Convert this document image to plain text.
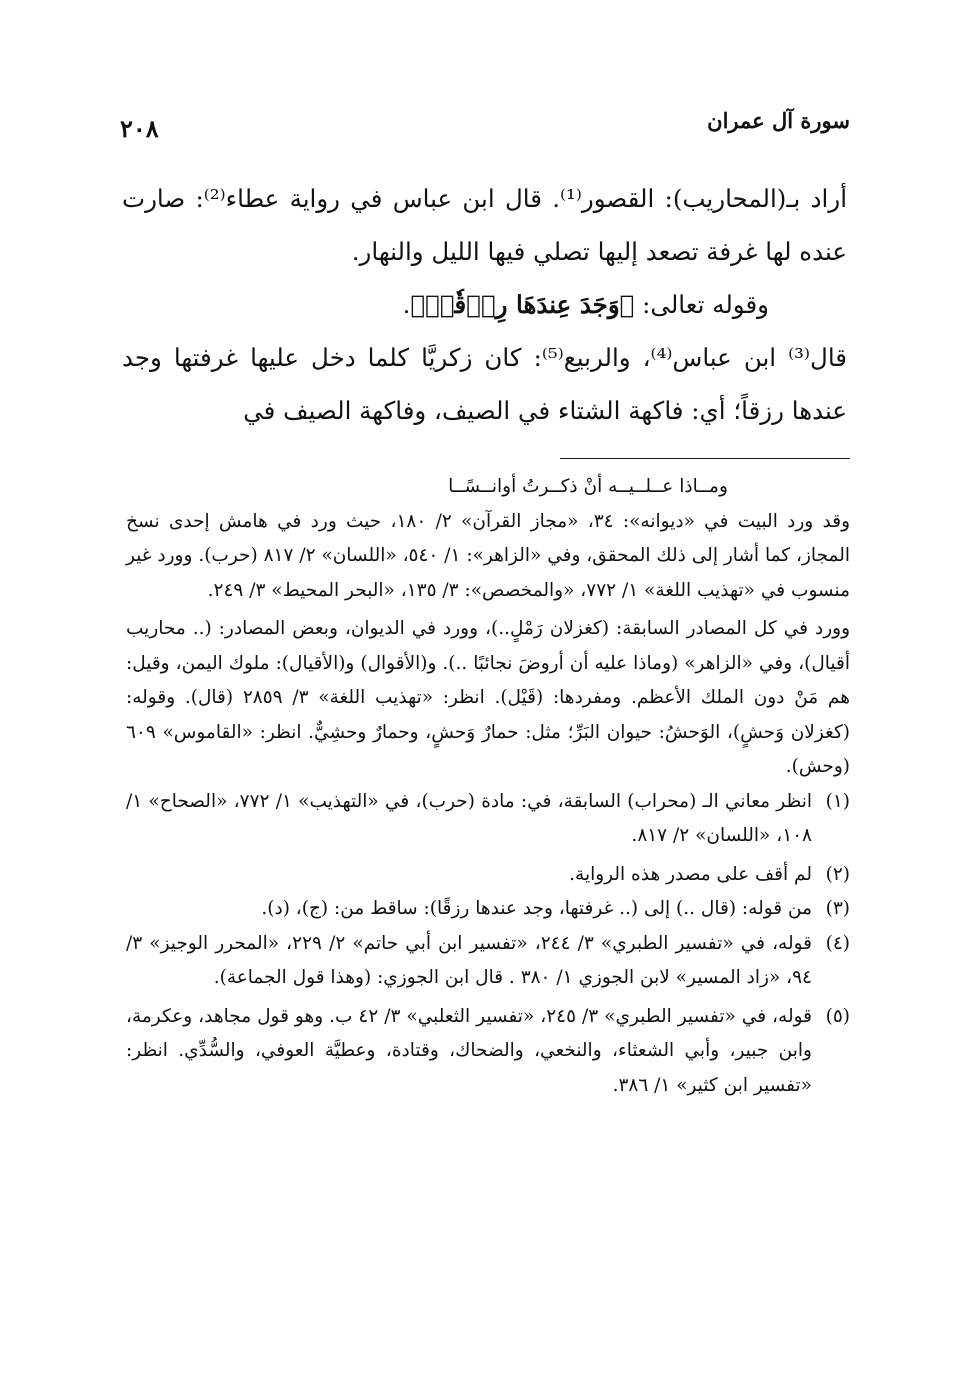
سورة آل عمران
٢٠٨

أراد بـ(المحاريب): القصور⁽¹⁾. قال ابن عباس في رواية عطاء⁽²⁾: صارت عنده لها غرفة تصعد إليها تصلي فيها الليل والنهار.

وقوله تعالى: ﴿وَجَدَ عِندَهَا رِزۡقٗاۖ﴾.

قال⁽³⁾ ابن عباس⁽⁴⁾، والربيع⁽⁵⁾: كان زكريَّا كلما دخل عليها غرفتها وجد عندها رزقاً؛ أي: فاكهة الشتاء في الصيف، وفاكهة الصيف في

ومــاذا عــلــيــه أنْ ذكــرتُ أوانــسًــا

وقد ورد البيت في «ديوانه»: ٣٤، «مجاز القرآن» ٢/ ١٨٠، حيث ورد في هامش إحدى نسخ المجاز، كما أشار إلى ذلك المحقق، وفي «الزاهر»: ١/ ٥٤٠، «اللسان» ٢/ ٨١٧ (حرب). وورد غير منسوب في «تهذيب اللغة» ١/ ٧٧٢، «والمخصص»: ٣/ ١٣٥، «البحر المحيط» ٣/ ٢٤٩.

وورد في كل المصادر السابقة: (كغزلان رَمْلٍ..)، وورد في الديوان، وبعض المصادر: (.. محاريب أقيال)، وفي «الزاهر» (وماذا عليه أن أروضَ نجائبًا ..). و(الأقوال) و(الأقيال): ملوك اليمن، وقيل: هم مَنْ دون الملك الأعظم. ومفردها: (قَيْل). انظر: «تهذيب اللغة» ٣/ ٢٨٥٩ (قال). وقوله: (كغزلان وَحشٍ)، الوَحشُ: حيوان البَرِّ؛ مثل: حمارٌ وَحشٍ، وحمارٌ وحشِيٌّ. انظر: «القاموس» ٦٠٩ (وحش).

(١)
انظر معاني الـ (محراب) السابقة، في: مادة (حرب)، في «التهذيب» ١/ ٧٧٢، «الصحاح» ١/ ١٠٨، «اللسان» ٢/ ٨١٧.
(٢)
لم أقف على مصدر هذه الرواية.
(٣)
من قوله: (قال ..) إلى (.. غرفتها، وجد عندها رزقًا): ساقط من: (ج)، (د).
(٤)
قوله، في «تفسير الطبري» ٣/ ٢٤٤، «تفسير ابن أبي حاتم» ٢/ ٢٢٩، «المحرر الوجيز» ٣/ ٩٤، «زاد المسير» لابن الجوزي ١/ ٣٨٠ . قال ابن الجوزي: (وهذا قول الجماعة).
(٥)
قوله، في «تفسير الطبري» ٣/ ٢٤٥، «تفسير الثعلبي» ٣/ ٤٢ ب. وهو قول مجاهد، وعكرمة، وابن جبير، وأبي الشعثاء، والنخعي، والضحاك، وقتادة، وعطيَّة العوفي، والسُّدِّي. انظر: «تفسير ابن كثير» ١/ ٣٨٦.
